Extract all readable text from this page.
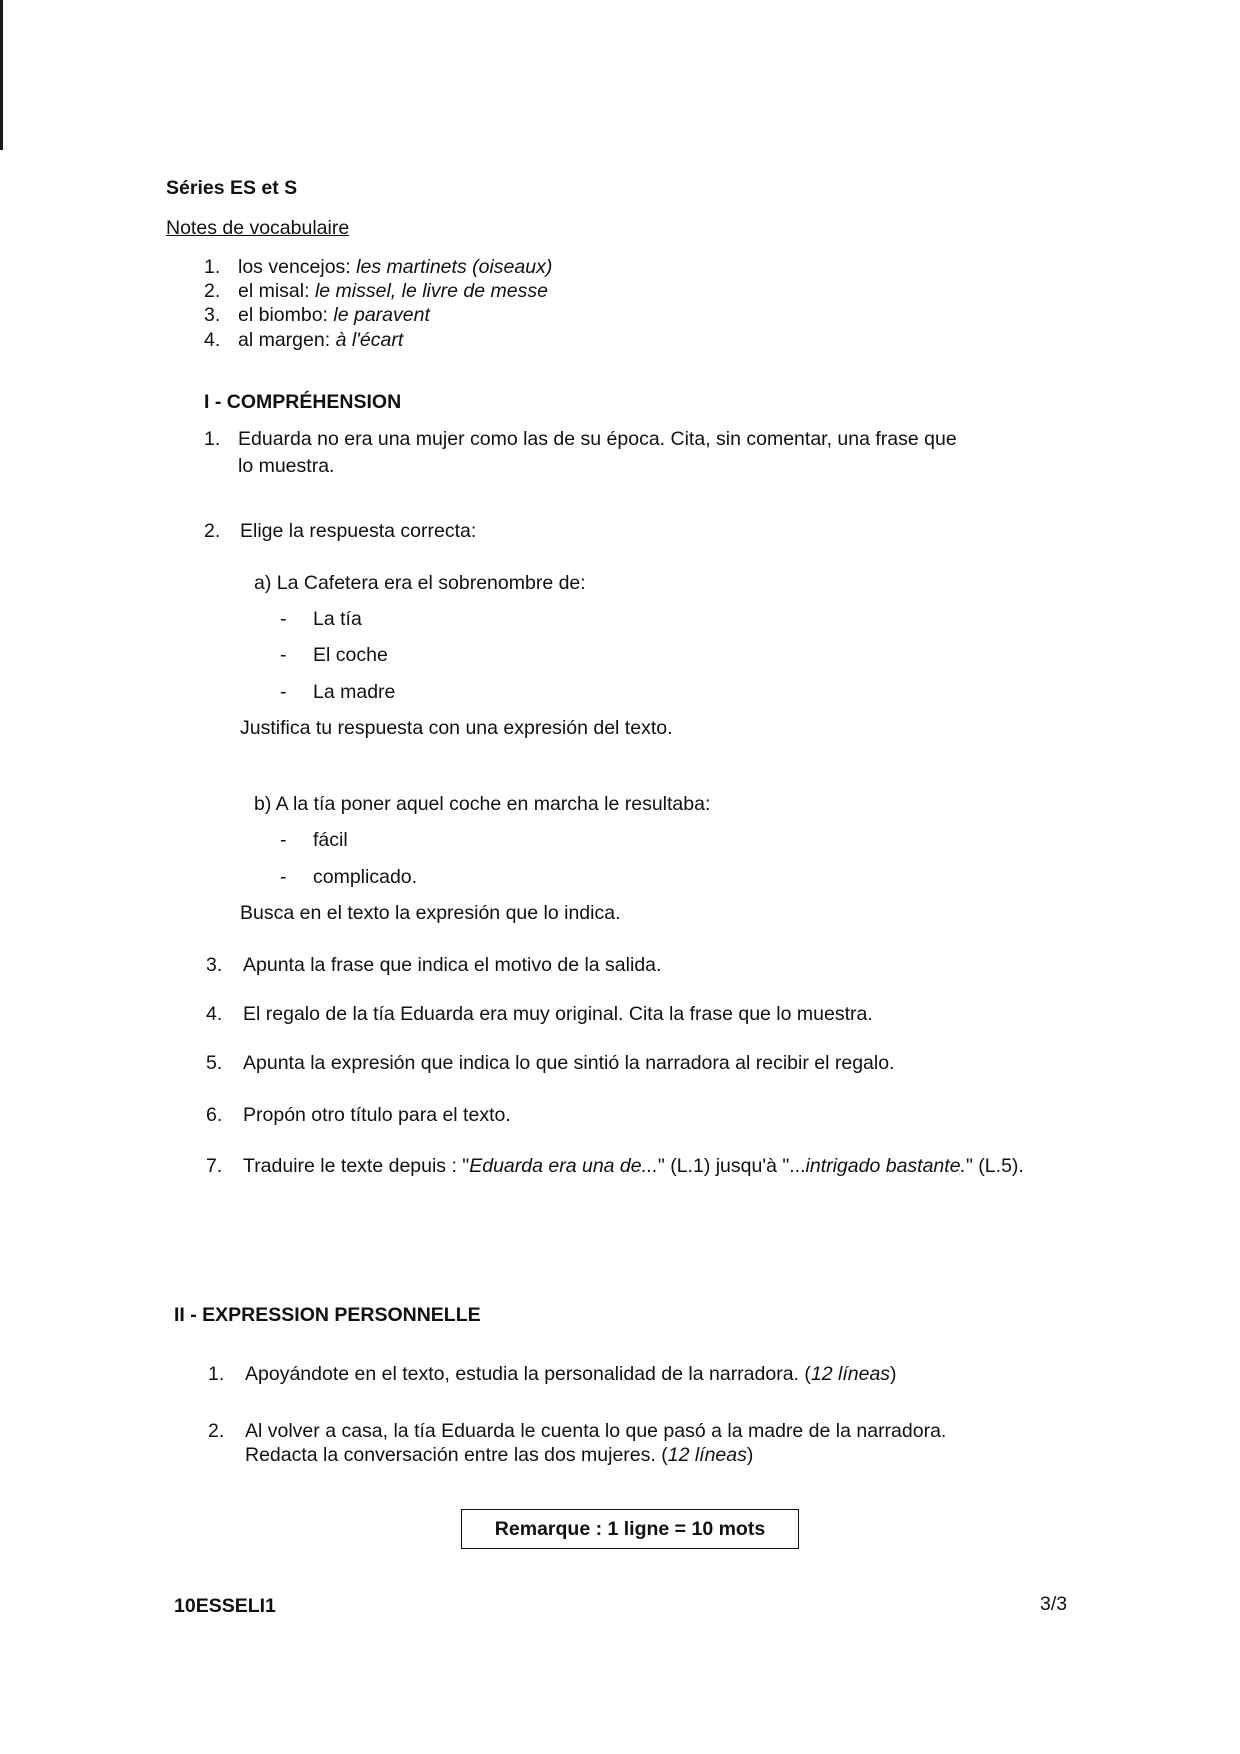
Séries ES et S
Notes de vocabulaire
1. los vencejos: les martinets (oiseaux)
2. el misal: le missel, le livre de messe
3. el biombo: le paravent
4. al margen: à l'écart
I - COMPRÉHENSION
1. Eduarda no era una mujer como las de su época. Cita, sin comentar, una frase que
lo muestra.
2. Elige la respuesta correcta:
a) La Cafetera era el sobrenombre de:
- La tía
- El coche
- La madre
Justifica tu respuesta con una expresión del texto.
b) A la tía poner aquel coche en marcha le resultaba:
- fácil
- complicado.
Busca en el texto la expresión que lo indica.
3. Apunta la frase que indica el motivo de la salida.
4. El regalo de la tía Eduarda era muy original. Cita la frase que lo muestra.
5. Apunta la expresión que indica lo que sintió la narradora al recibir el regalo.
6. Propón otro título para el texto.
7. Traduire le texte depuis : "Eduarda era una de..." (L.1) jusqu'à "...intrigado bastante." (L.5).
II - EXPRESSION PERSONNELLE
1. Apoyándote en el texto, estudia la personalidad de la narradora. (12 líneas)
2. Al volver a casa, la tía Eduarda le cuenta lo que pasó a la madre de la narradora.
Redacta la conversación entre las dos mujeres. (12 líneas)
Remarque : 1 ligne = 10 mots
10ESSELI1	3/3
